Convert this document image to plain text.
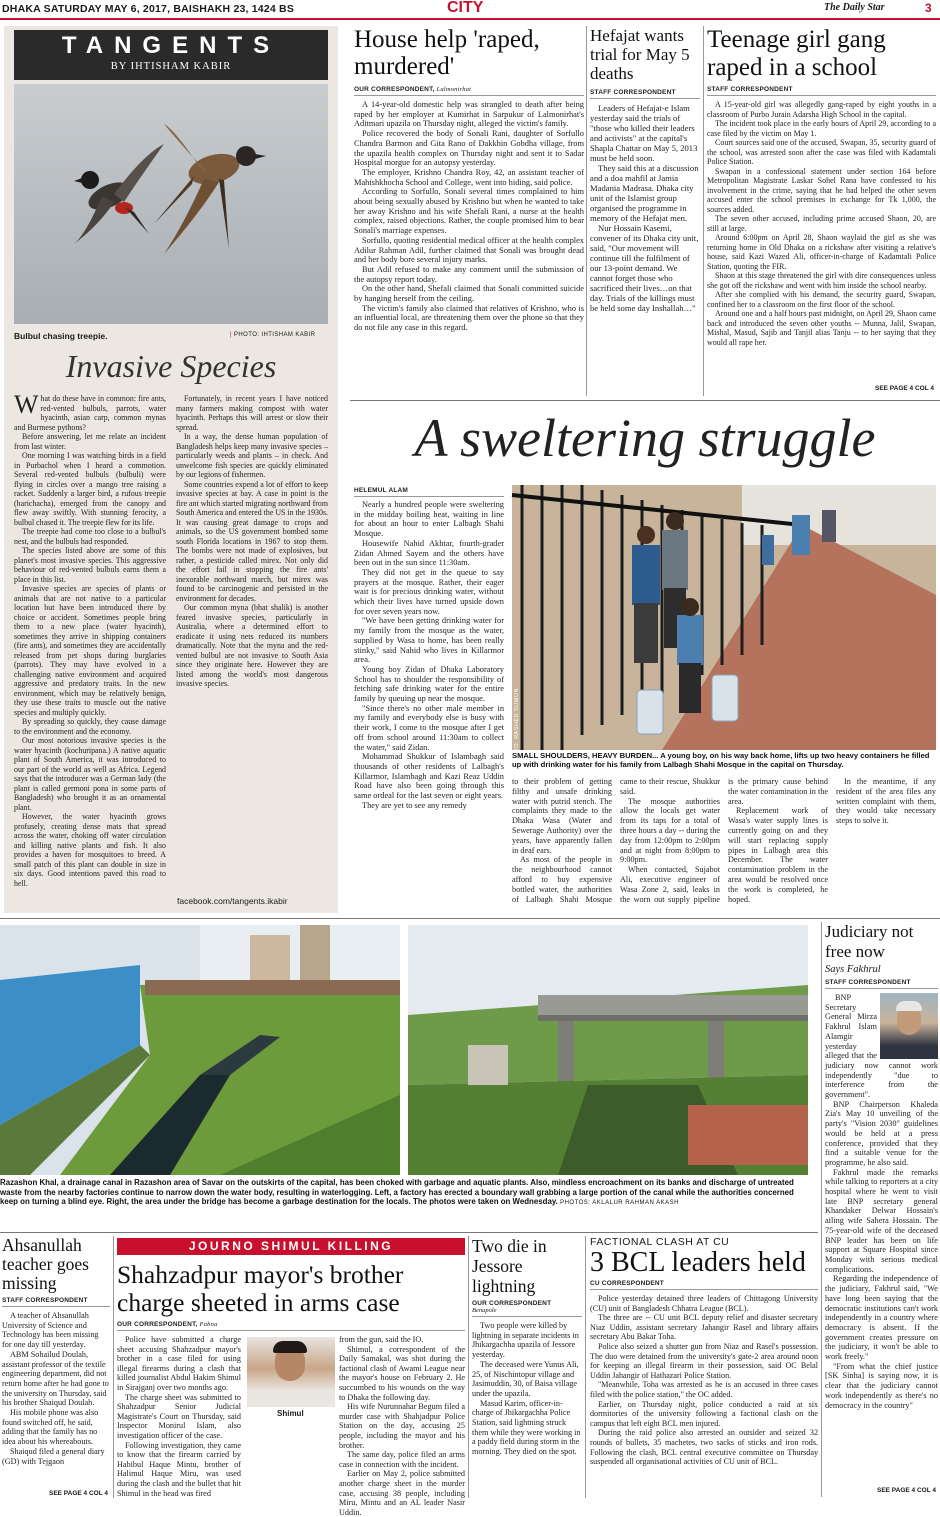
DHAKA SATURDAY MAY 6, 2017, BAISHAKH 23, 1424 BS	CITY	The Daily Star	3
TANGENTS
BY IHTISHAM KABIR
Bulbul chasing treepie.	| PHOTO: IHTISHAM KABIR
Invasive Species

What do these have in common: fire ants, red-vented bulbuls, parrots, water hyacinth, asian carp, common mynas and Burmese pythons?

Before answering, let me relate an incident from last winter.

One morning I was watching birds in a field in Purbachol when I heard a commotion. Several red-vented bulbuls (bulbuli) were flying in circles over a mango tree raising a racket. Suddenly a larger bird, a rufous treepie (harichacha), emerged from the canopy and flew away swiftly. With stunning ferocity, a bulbul chased it. The treepie flew for its life.

The treepie had come too close to a bulbul's nest, and the bulbuls had responded.

The species listed above are some of this planet's most invasive species. This aggressive behaviour of red-vented bulbuls earns them a place in this list.

Invasive species are species of plants or animals that are not native to a particular location but have been introduced there by choice or accident. Sometimes people bring them to a new place (water hyacinth), sometimes they arrive in shipping containers (fire ants), and sometimes they are accidentally released from pet shops during burglaries (parrots). They may have evolved in a challenging native environment and acquired aggressive and predatory traits. In the new environment, which may be relatively benign, they use these traits to muscle out the native species and multiply quickly.

By spreading so quickly, they cause damage to the environment and the economy.

Our most notorious invasive species is the water hyacinth (kochuripana.) A native aquatic plant of South America, it was introduced to our part of the world as well as Africa. Legend says that the introducer was a German lady (the plant is called germoni pona in some parts of Bangladesh) who brought it as an ornamental plant.

However, the water hyacinth grows profusely, creating dense mats that spread across the water, choking off water circulation and killing native plants and fish. It also provides a haven for mosquitoes to breed. A small patch of this plant can double in size in six days. Good intentions paved this road to hell.

Fortunately, in recent years I have noticed many farmers making compost with water hyacinth. Perhaps this will arrest or slow their spread.

In a way, the dense human population of Bangladesh helps keep many invasive species – particularly weeds and plants – in check. And unwelcome fish species are quickly eliminated by our legions of fishermen.

Some countries expend a lot of effort to keep invasive species at bay. A case in point is the fire ant which started migrating northward from South America and entered the US in the 1930s. It was causing great damage to crops and animals, so the US government bombed some south Florida locations in 1967 to stop them. The bombs were not made of explosives, but rather, a pesticide called mirex. Not only did the effort fail in stopping the fire ants' inexorable northward march, but mirex was found to be carcinogenic and persisted in the environment for decades.

Our common myna (bhat shalik) is another feared invasive species, particularly in Australia, where a determined effort to eradicate it using nets reduced its numbers dramatically. Note that the myna and the red-vented bulbul are not invasive to South Asia since they originate here. However they are listed among the world's most dangerous invasive species.

facebook.com/tangents.ikabir
House help 'raped, murdered'
OUR CORRESPONDENT, Lalmonirhat

A 14-year-old domestic help was strangled to death after being raped by her employer at Kumirhat in Sarpukur of Lalmonirhat's Aditmari upazila on Thursday night, alleged the victim's family.

Police recovered the body of Sonali Rani, daughter of Sorfullo Chandra Barmon and Gita Rano of Dakkhin Gobdha village, from the upazila health complex on Thursday night and sent it to Sadar Hospital morgue for an autopsy yesterday.

The employer, Krishno Chandra Roy, 42, an assistant teacher of Mahishkhocha School and College, went into hiding, said police.

According to Sorfullo, Sonali several times complained to him about being sexually abused by Krishno but when he wanted to take her away Krishno and his wife Shefali Rani, a nurse at the health complex, raised objections. Rather, the couple promised him to bear Sonali's marriage expenses.

Sorfullo, quoting residential medical officer at the health complex Adilur Rahman Adil, further claimed that Sonali was brought dead and her body bore several injury marks.

But Adil refused to make any comment until the submission of the autopsy report today.

On the other hand, Shefali claimed that Sonali committed suicide by hanging herself from the ceiling.

The victim's family also claimed that relatives of Krishno, who is an influential local, are threatening them over the phone so that they do not file any case in this regard.

Hefajat wants trial for May 5 deaths
STAFF CORRESPONDENT

Leaders of Hefajat-e Islam yesterday said the trials of "those who killed their leaders and activists" at the capital's Shapla Chattar on May 5, 2013 must be held soon.

They said this at a discussion and a doa mahfil at Jamia Madania Madrasa. Dhaka city unit of the Islamist group organised the programme in memory of the Hefajat men.

Nur Hossain Kasemi, convener of its Dhaka city unit, said, "Our movement will continue till the fulfilment of our 13-point demand. We cannot forget those who sacrificed their lives…on that day. Trials of the killings must be held some day Inshallah…"

Teenage girl gang raped in a school
STAFF CORRESPONDENT

A 15-year-old girl was allegedly gang-raped by eight youths in a classroom of Purbo Jurain Adarsha High School in the capital.

The incident took place in the early hours of April 29, according to a case filed by the victim on May 1.

Court sources said one of the accused, Swapan, 35, security guard of the school, was arrested soon after the case was filed with Kadamtali Police Station.

Swapan in a confessional statement under section 164 before Metropolitan Magistrate Laskar Sohel Rana have confessed to his involvement in the crime, saying that he had helped the other seven accused enter the school premises in exchange for Tk 1,000, the sources added.

The seven other accused, including prime accused Shaon, 20, are still at large.

Around 6:00pm on April 28, Shaon waylaid the girl as she was returning home in Old Dhaka on a rickshaw after visiting a relative's house, said Kazi Wazed Ali, officer-in-charge of Kadamtali Police Station, quoting the FIR.

Shaon at this stage threatened the girl with dire consequences unless she got off the rickshaw and went with him inside the school nearby.

After she complied with his demand, the security guard, Swapan, confined her to a classroom on the first floor of the school.

Around one and a half hours past midnight, on April 29, Shaon came back and introduced the seven other youths -- Munna, Jalil, Swapan, Mishal, Masud, Sajib and Tanjil alias Tanju -- to her saying that they would all rape her.

SEE PAGE 4 COL 4
A sweltering struggle
HELEMUL ALAM

Nearly a hundred people were sweltering in the midday boiling heat, waiting in line for about an hour to enter Lalbagh Shahi Mosque.

Housewife Nahid Akhtar, fourth-grader Zidan Ahmed Sayem and the others have been out in the sun since 11:30am.

They did not get in the queue to say prayers at the mosque. Rather, their eager wait is for precious drinking water, without which their lives have turned upside down for over seven years now.

"We have been getting drinking water for my family from the mosque as the water, supplied by Wasa to home, has been really stinky," said Nahid who lives in Killarmor area.

Young boy Zidan of Dhaka Laboratory School has to shoulder the responsibility of fetching safe drinking water for the entire family by queuing up near the mosque.

"Since there's no other male member in my family and everybody else is busy with their work, I come to the mosque after I get off from school around 11:30am to collect the water," said Zidan.

Mohammad Shukkur of Islambagh said thousands of other residents of Lalbagh's Killarmor, Islambagh and Kazi Reaz Uddin Road have also been going through this same ordeal for the last seven or eight years.

They are yet to see any remedy

PHOTO: RASHED SUMON
SMALL SHOULDERS, HEAVY BURDEN... A young boy, on his way back home, lifts up two heavy containers he filled up with drinking water for his family from Lalbagh Shahi Mosque in the capital on Thursday.

to their problem of getting filthy and unsafe drinking water with putrid stench. The complaints they made to the Dhaka Wasa (Water and Sewerage Authority) over the years, have apparently fallen in deaf ears.

As most of the people in the neighbourhood cannot afford to buy expensive bottled water, the authorities of Lalbagh Shahi Mosque came to their rescue, Shukkur said.

The mosque authorities allow the locals get water from its taps for a total of three hours a day -- during the day from 12:00pm to 2:00pm and at night from 8:00pm to 9:00pm.

When contacted, Sujabot Ali, executive engineer of Wasa Zone 2, said, leaks in the worn out supply pipeline is the primary cause behind the water contamination in the area.

Replacement work of Wasa's water supply lines is currently going on and they will start replacing supply pipes in Lalbagh area this December. The water contamination problem in the area would be resolved once the work is completed, he hoped.

In the meantime, if any resident of the area files any written complaint with them, they would take necessary steps to solve it.

Razashon Khal, a drainage canal in Razashon area of Savar on the outskirts of the capital, has been choked with garbage and aquatic plants. Also, mindless encroachment on its banks and discharge of untreated waste from the nearby factories continue to narrow down the water body, resulting in waterlogging. Left, a factory has erected a boundary wall grabbing a large portion of the canal while the authorities concerned keep on turning a blind eye. Right, the area under the bridge has become a garbage destination for the locals. The photos were taken on Wednesday. PHOTOS: AKLALUR RAHMAN AKASH
Judiciary not free now
Says Fakhrul
STAFF CORRESPONDENT

BNP Secretary General Mirza Fakhrul Islam Alamgir yesterday alleged that the judiciary now cannot work independently "due to interference from the government".

BNP Chairperson Khaleda Zia's May 10 unveiling of the party's "Vision 2030" guidelines would be held at a press conference, provided that they find a suitable venue for the programme, he also said.

Fakhrul made the remarks while talking to reporters at a city hospital where he went to visit late BNP secretary general Khandaker Delwar Hossain's ailing wife Sahera Hossain. The 75-year-old wife of the deceased BNP leader has been on life support at Square Hospital since Monday with serious medical complications.

Regarding the independence of the judiciary, Fakhrul said, "We have long been saying that the democratic institutions can't work independently in a country where democracy is absent. If the government creates pressure on the judiciary, it won't be able to work freely."

"From what the chief justice [SK Sinha] is saying now, it is clear that the judiciary cannot work independently as there's no democracy in the country"

SEE PAGE 4 COL 4
Ahsanullah teacher goes missing
STAFF CORRESPONDENT

A teacher of Ahsanullah University of Science and Technology has been missing for one day till yesterday.

ABM Sohailud Doulah, assistant professor of the textile engineering department, did not return home after he had gone to the university on Thursday, said his brother Shaiqud Doulah.

His mobile phone was also found switched off, he said, adding that the family has no idea about his whereabouts.

Shaiqud filed a general diary (GD) with Tejgaon

SEE PAGE 4 COL 4
JOURNO SHIMUL KILLING
Shahzadpur mayor's brother charge sheeted in arms case
OUR CORRESPONDENT, Pabna

Police have submitted a charge sheet accusing Shahzadpur mayor's brother in a case filed for using illegal firearms during a clash that killed journalist Abdul Hakim Shimul in Sirajganj over two months ago.

The charge sheet was submitted to Shahzadpur Senior Judicial Magistrate's Court on Thursday, said Inspector Monirul Islam, also investigation officer of the case.

Following investigation, they came to know that the firearm carried by Habibul Haque Mintu, brother of Halimul Haque Miru, was used during the clash and the bullet that hit Shimul in the head was fired

Shimul

from the gun, said the IO.

Shimul, a correspondent of the Daily Samakal, was shot during the factional clash of Awami League near the mayor's house on February 2. He succumbed to his wounds on the way to Dhaka the following day.

His wife Nurunnahar Begum filed a murder case with Shahjadpur Police Station on the day, accusing 25 people, including the mayor and his brother.

The same day, police filed an arms case in connection with the incident.

Earlier on May 2, police submitted another charge sheet in the murder case, accusing 38 people, including Miru, Mintu and an AL leader Nasir Uddin.

Two die in Jessore lightning
OUR CORRESPONDENT
Benapole

Two people were killed by lightning in separate incidents in Jhikargachha upazila of Jessore yesterday.

The deceased were Yunus Ali, 25, of Nischintopur village and Jasimuddin, 30, of Baisa village under the upazila.

Masud Karim, officer-in-charge of Jhikargachha Police Station, said lightning struck them while they were working in a paddy field during storm in the morning. They died on the spot.

FACTIONAL CLASH AT CU
3 BCL leaders held
CU CORRESPONDENT

Police yesterday detained three leaders of Chittagong University (CU) unit of Bangladesh Chhatra League (BCL).

The three are -- CU unit BCL deputy relief and disaster secretary Niaz Uddin, assistant secretary Jahangir Rasel and library affairs secretary Abu Bakar Toha.

Police also seized a shutter gun from Niaz and Rasel's possession. The duo were detained from the university's gate-2 area around noon for keeping an illegal firearm in their possession, said OC Belal Uddin Jahangir of Hathazari Police Station.

"Meanwhile, Toha was arrested as he is an accused in three cases filed with the police station," the OC added.

Earlier, on Thursday night, police conducted a raid at six dormitories of the university following a factional clash on the campus that left eight BCL men injured.

During the raid police also arrested an outsider and seized 32 rounds of bullets, 35 machetes, two sacks of sticks and iron rods. Following the clash, BCL central executive committee on Thursday suspended all organisational activities of CU unit of BCL.
